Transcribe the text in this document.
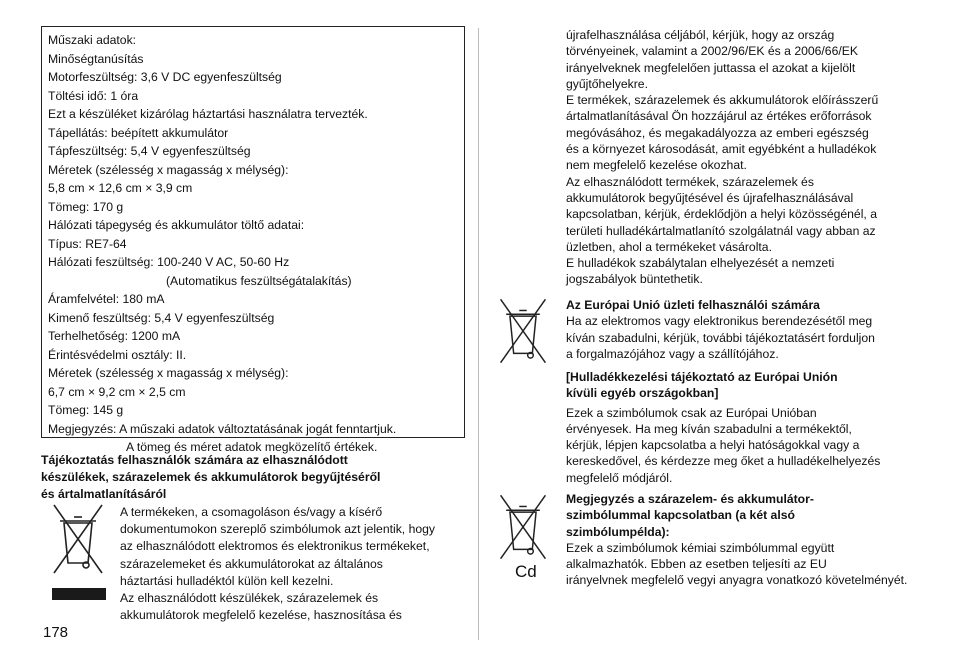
Műszaki adatok:
Minőségtanúsítás
Motorfeszültség: 3,6 V DC egyenfeszültség
Töltési idő: 1 óra
Ezt a készüléket kizárólag háztartási használatra tervezték.
Tápellátás: beépített akkumulátor
Tápfeszültség: 5,4 V egyenfeszültség
Méretek (szélesség x magasság x mélység):
5,8 cm × 12,6 cm × 3,9 cm
Tömeg: 170 g
Hálózati tápegység és akkumulátor töltő adatai:
Típus: RE7-64
Hálózati feszültség: 100-240 V AC, 50-60 Hz
(Automatikus feszültségátalakítás)
Áramfelvétel: 180 mA
Kimenő feszültség: 5,4 V egyenfeszültség
Terhelhetőség: 1200 mA
Érintésvédelmi osztály: II.
Méretek (szélesség x magasság x mélység):
6,7 cm × 9,2 cm × 2,5 cm
Tömeg: 145 g
Megjegyzés: A műszaki adatok változtatásának jogát fenntartjuk.
A tömeg és méret adatok megközelítő értékek.
Tájékoztatás felhasználók számára az elhasználódott
készülékek, szárazelemek és akkumulátorok begyűjtéséről
és ártalmatlanításáról
A termékeken, a csomagoláson és/vagy a kísérő
dokumentumokon szereplő szimbólumok azt jelentik, hogy
az elhasználódott elektromos és elektronikus termékeket,
szárazelemeket és akkumulátorokat az általános
háztartási hulladéktól külön kell kezelni.
Az elhasználódott készülékek, szárazelemek és
akkumulátorok megfelelő kezelése, hasznosítása és
178
újrafelhasználása céljából, kérjük, hogy az ország
törvényeinek, valamint a 2002/96/EK és a 2006/66/EK
irányelveknek megfelelően juttassa el azokat a kijelölt
gyűjtőhelyekre.
E termékek, szárazelemek és akkumulátorok előírásszerű
ártalmatlanításával Ön hozzájárul az értékes erőforrások
megóvásához, és megakadályozza az emberi egészség
és a környezet károsodását, amit egyébként a hulladékok
nem megfelelő kezelése okozhat.
Az elhasználódott termékek, szárazelemek és
akkumulátorok begyűjtésével és újrafelhasználásával
kapcsolatban, kérjük, érdeklődjön a helyi közösségénél, a
területi hulladékártalmatlanító szolgálatnál vagy abban az
üzletben, ahol a termékeket vásárolta.
E hulladékok szabálytalan elhelyezését a nemzeti
jogszabályok büntethetik.
Az Európai Unió üzleti felhasználói számára
Ha az elektromos vagy elektronikus berendezésétől meg
kíván szabadulni, kérjük, további tájékoztatásért forduljon
a forgalmazójához vagy a szállítójához.
[Hulladékkezelési tájékoztató az Európai Unión
kívüli egyéb országokban]
Ezek a szimbólumok csak az Európai Unióban
érvényesek. Ha meg kíván szabadulni a termékektől,
kérjük, lépjen kapcsolatba a helyi hatóságokkal vagy a
kereskedővel, és kérdezze meg őket a hulladékelhelyezés
megfelelő módjáról.
Cd
Megjegyzés a szárazelem- és akkumulátor-
szimbólummal kapcsolatban (a két alsó
szimbólumpélda):
Ezek a szimbólumok kémiai szimbólummal együtt
alkalmazhatók. Ebben az esetben teljesíti az EU
irányelvnek megfelelő vegyi anyagra vonatkozó követelményét.
